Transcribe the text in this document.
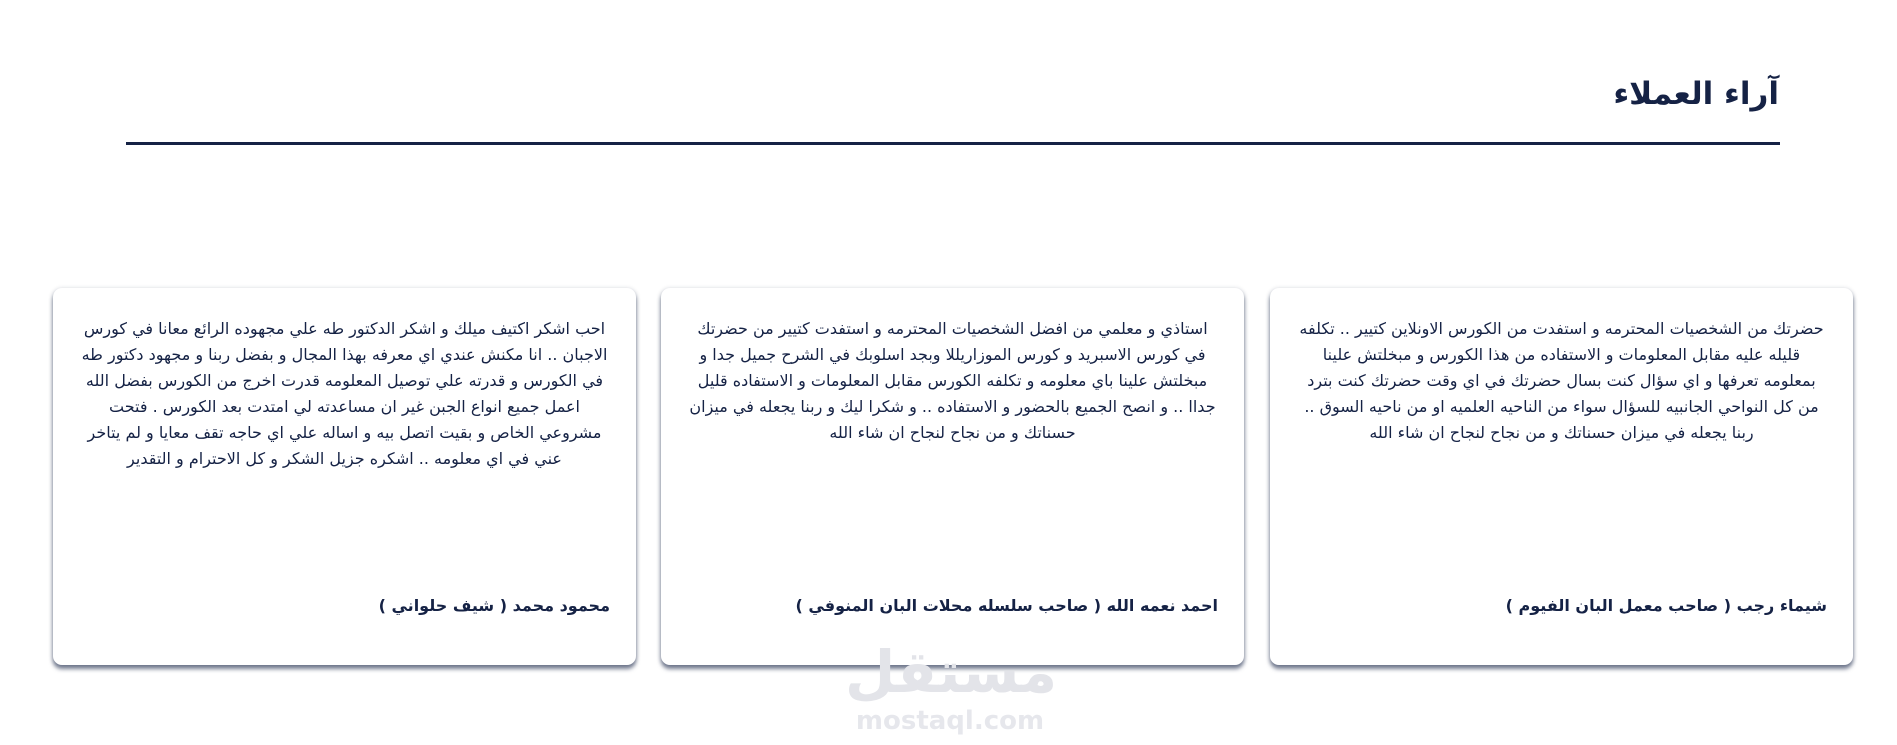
آراء العملاء

حضرتك من الشخصيات المحترمه و استفدت من الكورس الاونلاين كتيير .. تكلفه قليله عليه مقابل المعلومات و الاستفاده من هذا الكورس و مبخلتش علينا بمعلومه تعرفها و اي سؤال كنت بسال حضرتك في اي وقت حضرتك كنت بترد من كل النواحي الجانبيه للسؤال سواء من الناحيه العلميه او من ناحيه السوق .. ربنا يجعله في ميزان حسناتك و من نجاح لنجاح ان شاء الله

شيماء رجب ( صاحب معمل البان الفيوم )

استاذي و معلمي من افضل الشخصيات المحترمه و استفدت كتيير من حضرتك في كورس الاسبريد و كورس الموزاريللا وبجد اسلوبك في الشرح جميل جدا و مبخلتش علينا باي معلومه و تكلفه الكورس مقابل المعلومات و الاستفاده قليل جداا .. و انصح الجميع بالحضور و الاستفاده .. و شكرا ليك و ربنا يجعله في ميزان حسناتك و من نجاح لنجاح ان شاء الله

احمد نعمه الله ( صاحب سلسله محلات البان المنوفي )

احب اشكر اكتيف ميلك و اشكر الدكتور طه علي مجهوده الرائع معانا في كورس الاجبان .. انا مكنش عندي اي معرفه بهذا المجال و بفضل ربنا و مجهود دكتور طه في الكورس و قدرته علي توصيل المعلومه قدرت اخرج من الكورس بفضل الله اعمل جميع انواع الجبن غير ان مساعدته لي امتدت بعد الكورس . فتحت مشروعي الخاص و بقيت اتصل بيه و اساله علي اي حاجه تقف معايا و لم يتاخر عني في اي معلومه .. اشكره جزيل الشكر و كل الاحترام و التقدير

محمود محمد ( شيف حلواني )

مستقل
mostaql.com
